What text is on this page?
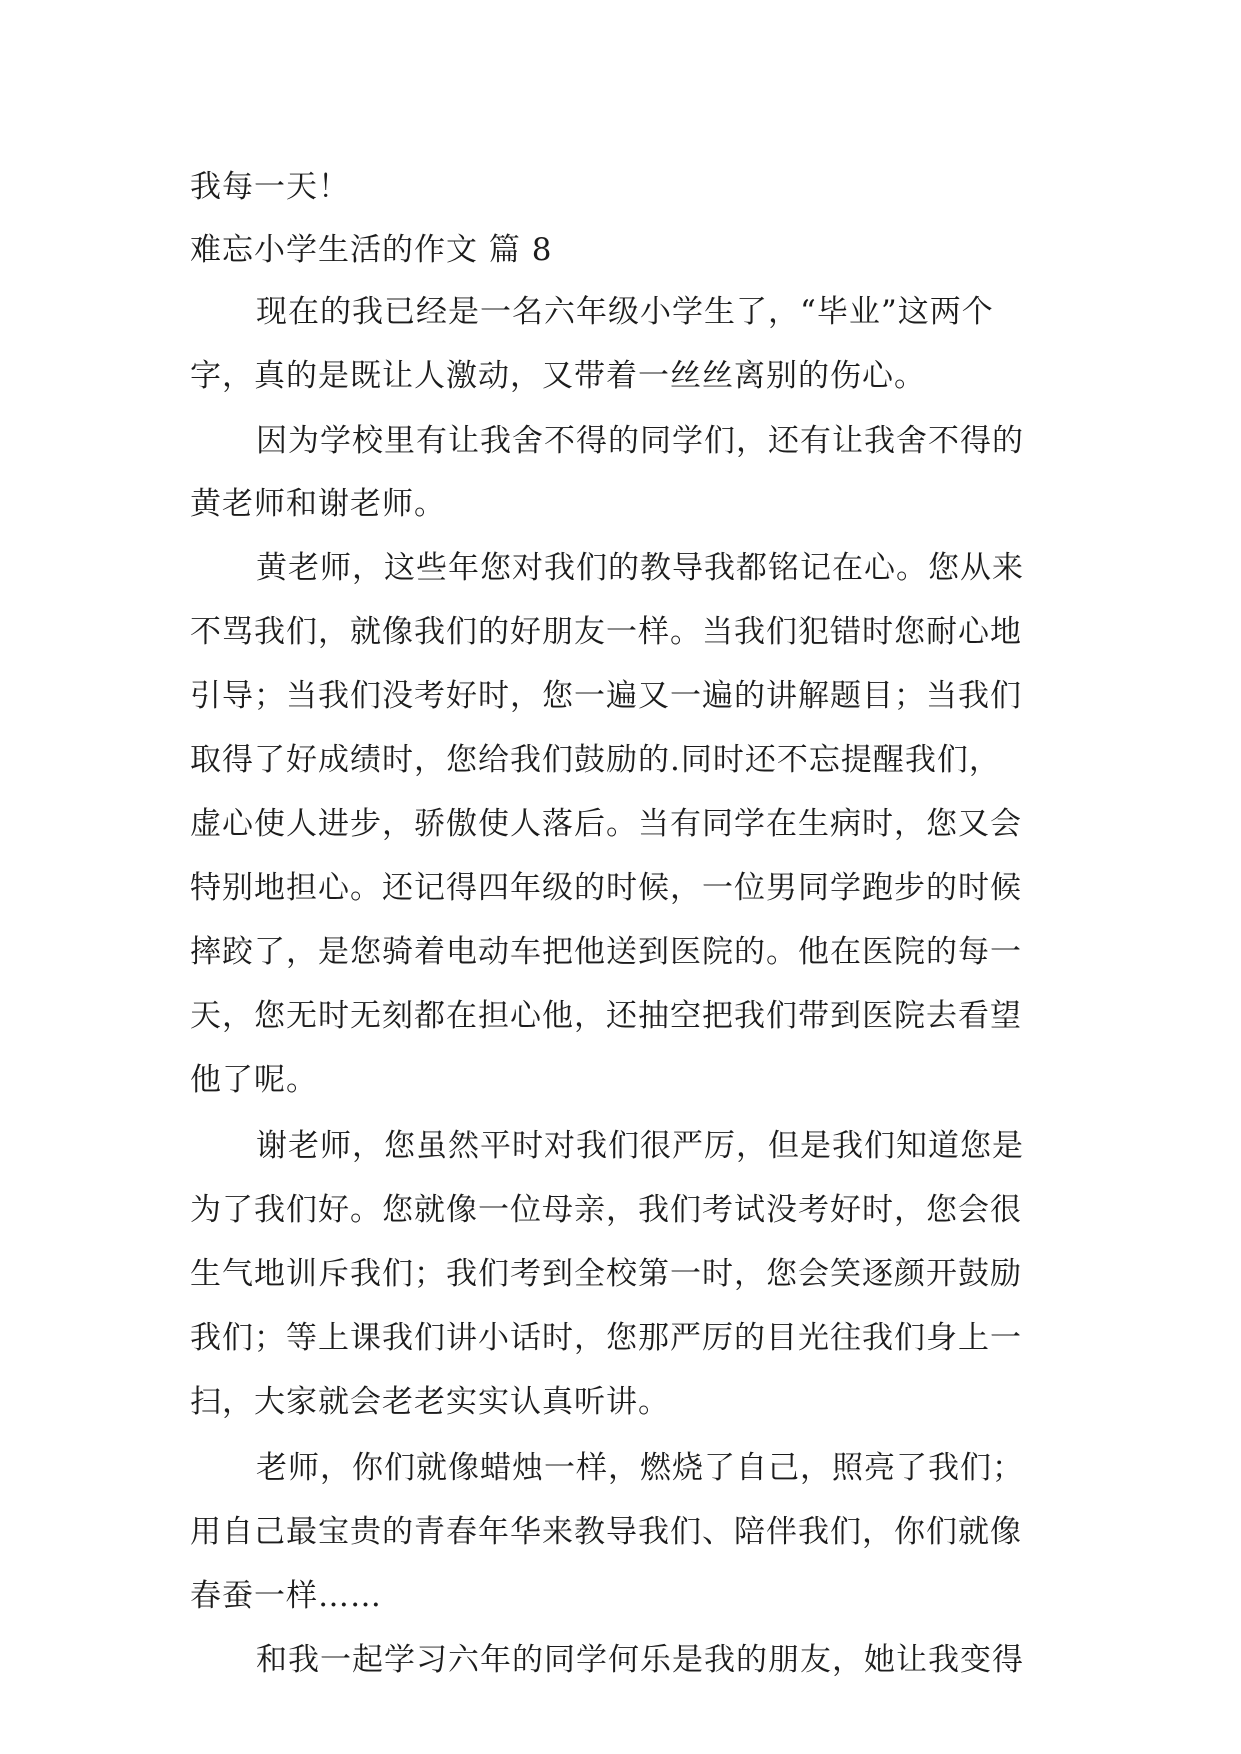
我每一天！

难忘小学生活的作文 篇 8

现在的我已经是一名六年级小学生了，“毕业”这两个

字，真的是既让人激动，又带着一丝丝离别的伤心。

因为学校里有让我舍不得的同学们，还有让我舍不得的

黄老师和谢老师。

黄老师，这些年您对我们的教导我都铭记在心。您从来

不骂我们，就像我们的好朋友一样。当我们犯错时您耐心地

引导；当我们没考好时，您一遍又一遍的讲解题目；当我们

取得了好成绩时，您给我们鼓励的.同时还不忘提醒我们，

虚心使人进步，骄傲使人落后。当有同学在生病时，您又会

特别地担心。还记得四年级的时候，一位男同学跑步的时候

摔跤了，是您骑着电动车把他送到医院的。他在医院的每一

天，您无时无刻都在担心他，还抽空把我们带到医院去看望

他了呢。

谢老师，您虽然平时对我们很严厉，但是我们知道您是

为了我们好。您就像一位母亲，我们考试没考好时，您会很

生气地训斥我们；我们考到全校第一时，您会笑逐颜开鼓励

我们；等上课我们讲小话时，您那严厉的目光往我们身上一

扫，大家就会老老实实认真听讲。

老师，你们就像蜡烛一样，燃烧了自己，照亮了我们；

用自己最宝贵的青春年华来教导我们、陪伴我们，你们就像

春蚕一样……

和我一起学习六年的同学何乐是我的朋友，她让我变得
